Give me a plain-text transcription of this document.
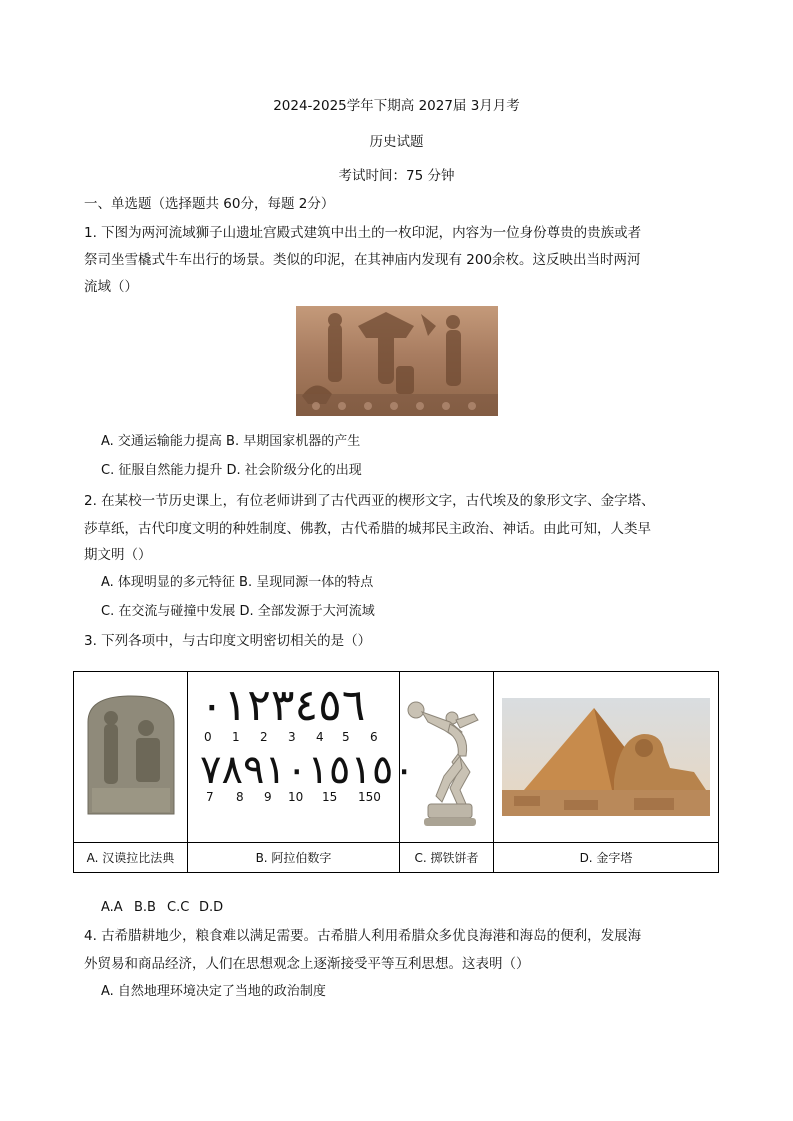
2024-2025学年下期高 2027届 3月月考
历史试题
考试时间：75 分钟
一、单选题（选择题共 60分，每题 2分）
1. 下图为两河流域狮子山遗址宫殿式建筑中出土的一枚印泥，内容为一位身份尊贵的贵族或者
祭司坐雪橇式牛车出行的场景。类似的印泥，在其神庙内发现有 200余枚。这反映出当时两河
流域（）
A. 交通运输能力提高 B. 早期国家机器的产生
C. 征服自然能力提升 D. 社会阶级分化的出现
2. 在某校一节历史课上，有位老师讲到了古代西亚的楔形文字，古代埃及的象形文字、金字塔、
莎草纸，古代印度文明的种姓制度、佛教，古代希腊的城邦民主政治、神话。由此可知，人类早
期文明（）
A. 体现明显的多元特征 B. 呈现同源一体的特点
C. 在交流与碰撞中发展 D. 全部发源于大河流域
3. 下列各项中，与古印度文明密切相关的是（）
٠١٢٣٤٥٦
0 1 2 3 4 5 6
٧٨٩١٠١٥١٥٠
7 8 9 10 15 150
A. 汉谟拉比法典	B. 阿拉伯数字	C. 掷铁饼者	D. 金字塔
A.A B.B C.C D.D
4. 古希腊耕地少，粮食难以满足需要。古希腊人利用希腊众多优良海港和海岛的便利，发展海
外贸易和商品经济，人们在思想观念上逐渐接受平等互利思想。这表明（）
A. 自然地理环境决定了当地的政治制度
